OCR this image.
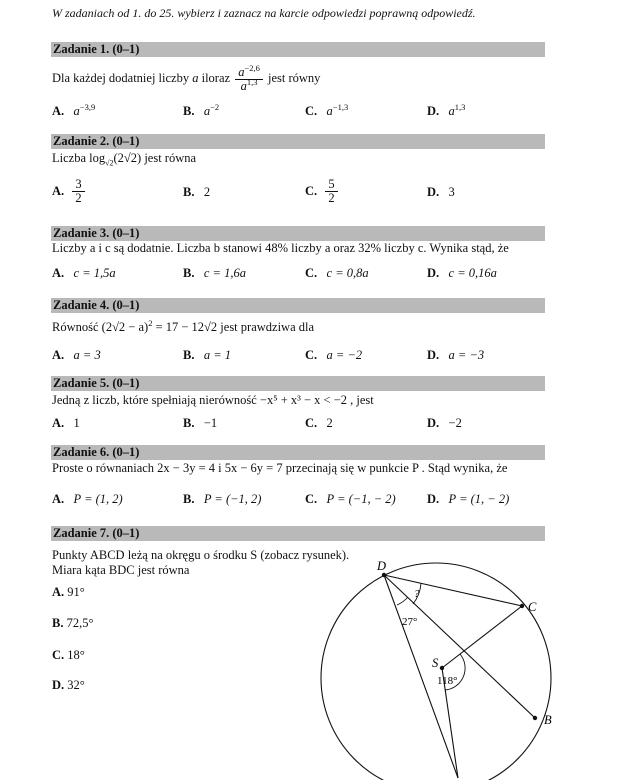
W zadaniach od 1. do 25. wybierz i zaznacz na karcie odpowiedzi poprawną odpowiedź.
Zadanie 1. (0–1)
Dla każdej dodatniej liczby a iloraz $\frac{a^{-2,6}}{a^{1,3}}$ jest równy
A. $a^{-3,9}$	B. $a^{-2}$	C. $a^{-1,3}$	D. $a^{1,3}$
Zadanie 2. (0–1)
Liczba $\log_{√2}(2√2)$ jest równa
A. $\frac{3}{2}$	B. 2	C. $\frac{5}{2}$	D. 3
Zadanie 3. (0–1)
Liczby a i c są dodatnie. Liczba b stanowi 48% liczby a oraz 32% liczby c. Wynika stąd, że
A. c = 1,5a	B. c = 1,6a	C. c = 0,8a	D. c = 0,16a
Zadanie 4. (0–1)
Równość $(2√2 - a)^2 = 17 - 12√2$ jest prawdziwa dla
A. a = 3	B. a = 1	C. a = −2	D. a = −3
Zadanie 5. (0–1)
Jedną z liczb, które spełniają nierówność −x⁵ + x³ − x < −2 , jest
A. 1	B. −1	C. 2	D. −2
Zadanie 6. (0–1)
Proste o równaniach 2x − 3y = 4 i 5x − 6y = 7 przecinają się w punkcie P . Stąd wynika, że
A. P = (1, 2)	B. P = (−1, 2)	C. P = (−1, − 2)	D. P = (1, − 2)
Zadanie 7. (0–1)
Punkty ABCD leżą na okręgu o środku S (zobacz rysunek).
Miara kąta BDC jest równa
A. 91°
B. 72,5°
C. 18°
D. 32°
D
C
B
S
?
27°
118°
